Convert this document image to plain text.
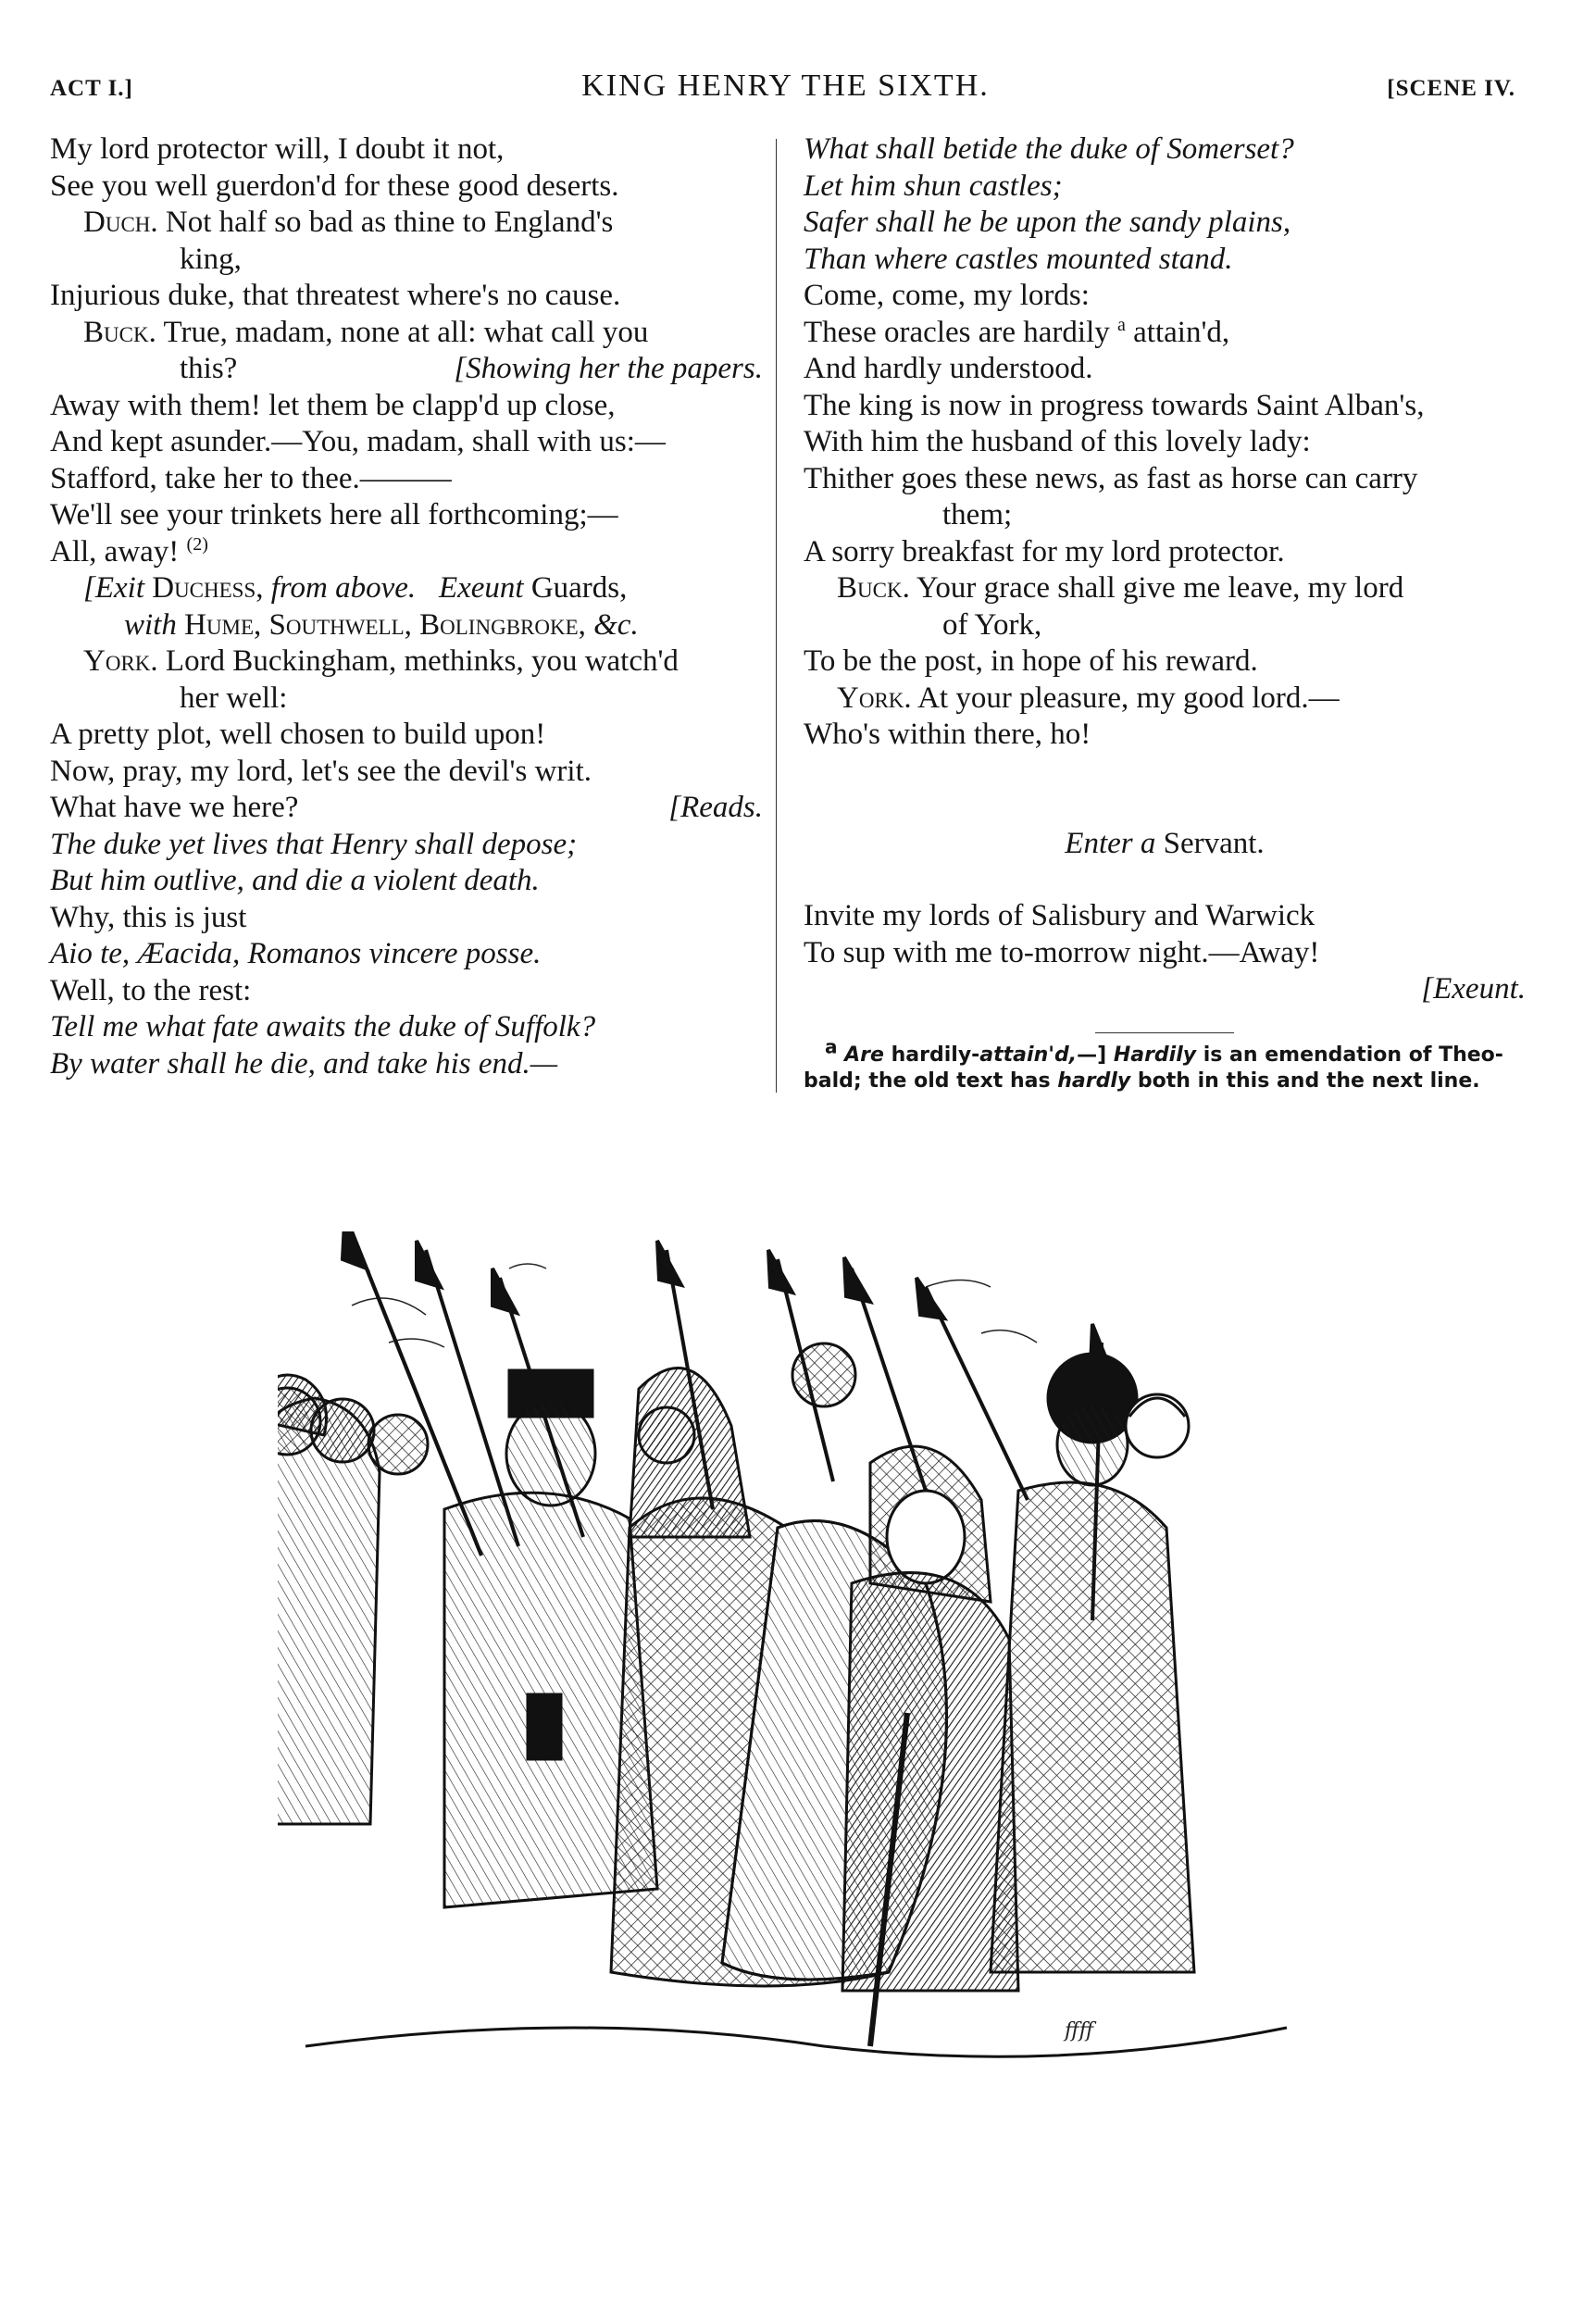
ACT I.]	KING HENRY THE SIXTH.	[SCENE IV.
My lord protector will, I doubt it not,
See you well guerdon'd for these good deserts.
Duch. Not half so bad as thine to England's
king,
Injurious duke, that threatest where's no cause.
Buck. True, madam, none at all: what call you
this?	[Showing her the papers.
Away with them! let them be clapp'd up close,
And kept asunder.—You, madam, shall with us:—
Stafford, take her to thee.———
We'll see your trinkets here all forthcoming;—
All, away! $^{(2)}$
[Exit Duchess, from above. Exeunt Guards,
with Hume, Southwell, Bolingbroke, &c.
York. Lord Buckingham, methinks, you watch'd
her well:
A pretty plot, well chosen to build upon!
Now, pray, my lord, let's see the devil's writ.
What have we here?	[Reads.
The duke yet lives that Henry shall depose;
But him outlive, and die a violent death.
Why, this is just
Aio te, Æacida, Romanos vincere posse.
Well, to the rest:
Tell me what fate awaits the duke of Suffolk?
By water shall he die, and take his end.—
What shall betide the duke of Somerset?
Let him shun castles;
Safer shall he be upon the sandy plains,
Than where castles mounted stand.
Come, come, my lords:
These oracles are hardily $^a$ attain'd,
And hardly understood.
The king is now in progress towards Saint Alban's,
With him the husband of this lovely lady:
Thither goes these news, as fast as horse can carry
them;
A sorry breakfast for my lord protector.
Buck. Your grace shall give me leave, my lord
of York,
To be the post, in hope of his reward.
York. At your pleasure, my good lord.—
Who's within there, ho!
Enter a Servant.
Invite my lords of Salisbury and Warwick
To sup with me to-morrow night.—Away!
[Exeunt.
a Are hardily-attain'd,—] Hardily is an emendation of Theo-
bald; the old text has hardly both in this and the next line.
ffff
